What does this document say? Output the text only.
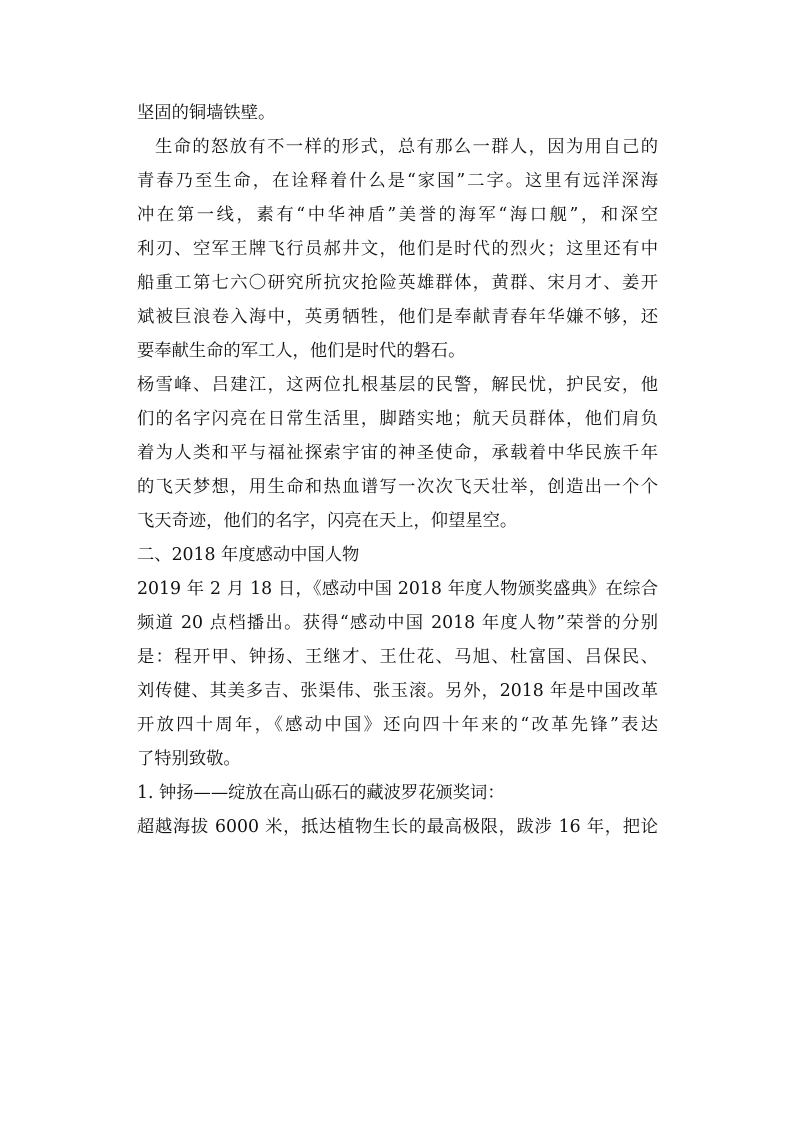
坚固的铜墙铁壁。
生命的怒放有不一样的形式，总有那么一群人，因为用自己的
青春乃至生命，在诠释着什么是“家国”二字。这里有远洋深海
冲在第一线，素有“中华神盾”美誉的海军“海口舰”，和深空
利刃、空军王牌飞行员郝井文，他们是时代的烈火；这里还有中
船重工第七六〇研究所抗灾抢险英雄群体，黄群、宋月才、姜开
斌被巨浪卷入海中，英勇牺牲，他们是奉献青春年华嫌不够，还
要奉献生命的军工人，他们是时代的磐石。
杨雪峰、吕建江，这两位扎根基层的民警，解民忧，护民安，他
们的名字闪亮在日常生活里，脚踏实地；航天员群体，他们肩负
着为人类和平与福祉探索宇宙的神圣使命，承载着中华民族千年
的飞天梦想，用生命和热血谱写一次次飞天壮举，创造出一个个
飞天奇迹，他们的名字，闪亮在天上，仰望星空。
二、2018 年度感动中国人物
2019 年 2 月 18 日，《感动中国 2018 年度人物颁奖盛典》在综合
频道 20 点档播出。获得“感动中国 2018 年度人物”荣誉的分别
是：程开甲、钟扬、王继才、王仕花、马旭、杜富国、吕保民、
刘传健、其美多吉、张渠伟、张玉滚。另外，2018 年是中国改革
开放四十周年，《感动中国》还向四十年来的“改革先锋”表达
了特别致敬。
1. 钟扬——绽放在高山砾石的藏波罗花颁奖词：
超越海拔 6000 米，抵达植物生长的最高极限，跋涉 16 年，把论
